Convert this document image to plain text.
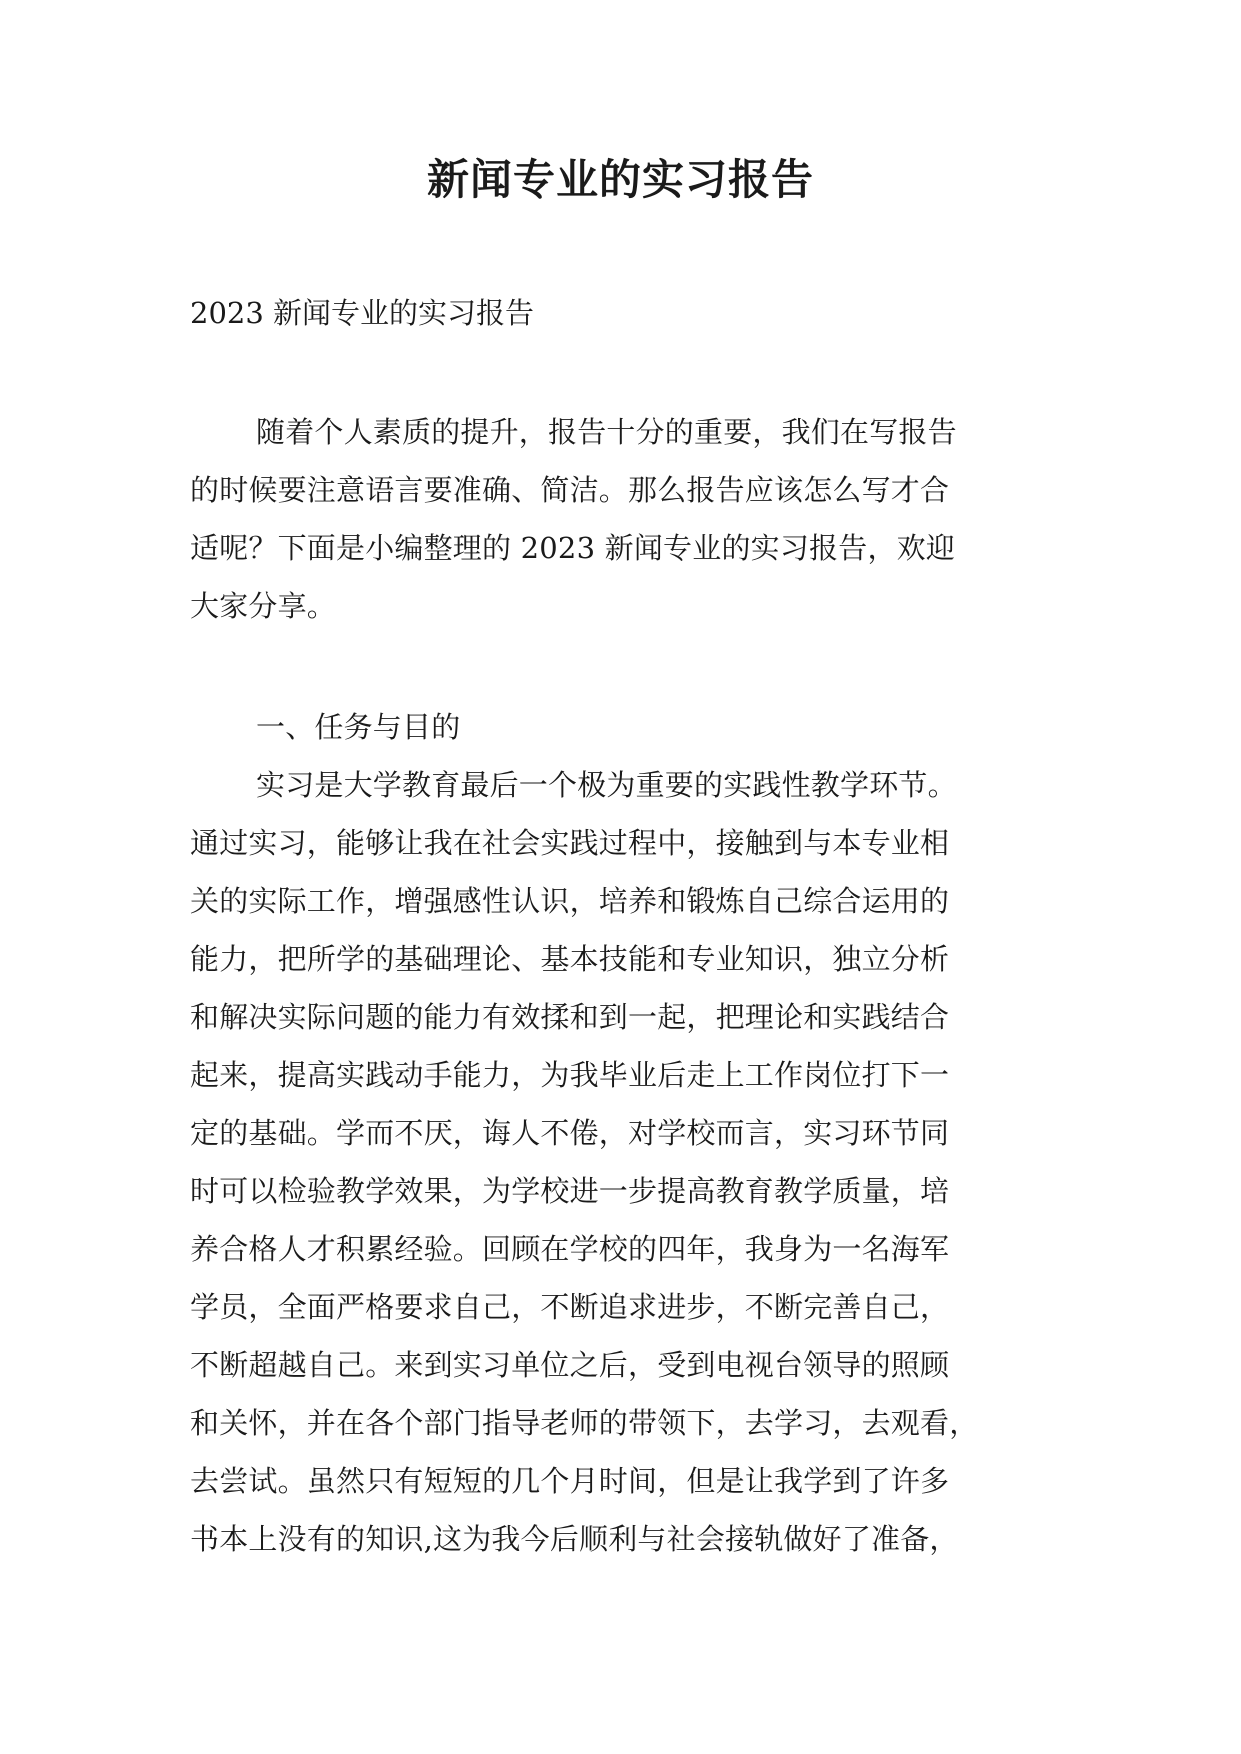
新闻专业的实习报告
2023 新闻专业的实习报告
随着个人素质的提升，报告十分的重要，我们在写报告
的时候要注意语言要准确、简洁。那么报告应该怎么写才合
适呢？下面是小编整理的 2023 新闻专业的实习报告，欢迎
大家分享。
一、任务与目的
实习是大学教育最后一个极为重要的实践性教学环节。
通过实习，能够让我在社会实践过程中，接触到与本专业相
关的实际工作，增强感性认识，培养和锻炼自己综合运用的
能力，把所学的基础理论、基本技能和专业知识，独立分析
和解决实际问题的能力有效揉和到一起，把理论和实践结合
起来，提高实践动手能力，为我毕业后走上工作岗位打下一
定的基础。学而不厌，诲人不倦，对学校而言，实习环节同
时可以检验教学效果，为学校进一步提高教育教学质量，培
养合格人才积累经验。回顾在学校的四年，我身为一名海军
学员，全面严格要求自己，不断追求进步，不断完善自己，
不断超越自己。来到实习单位之后，受到电视台领导的照顾
和关怀，并在各个部门指导老师的带领下，去学习，去观看，
去尝试。虽然只有短短的几个月时间，但是让我学到了许多
书本上没有的知识,这为我今后顺利与社会接轨做好了准备，
